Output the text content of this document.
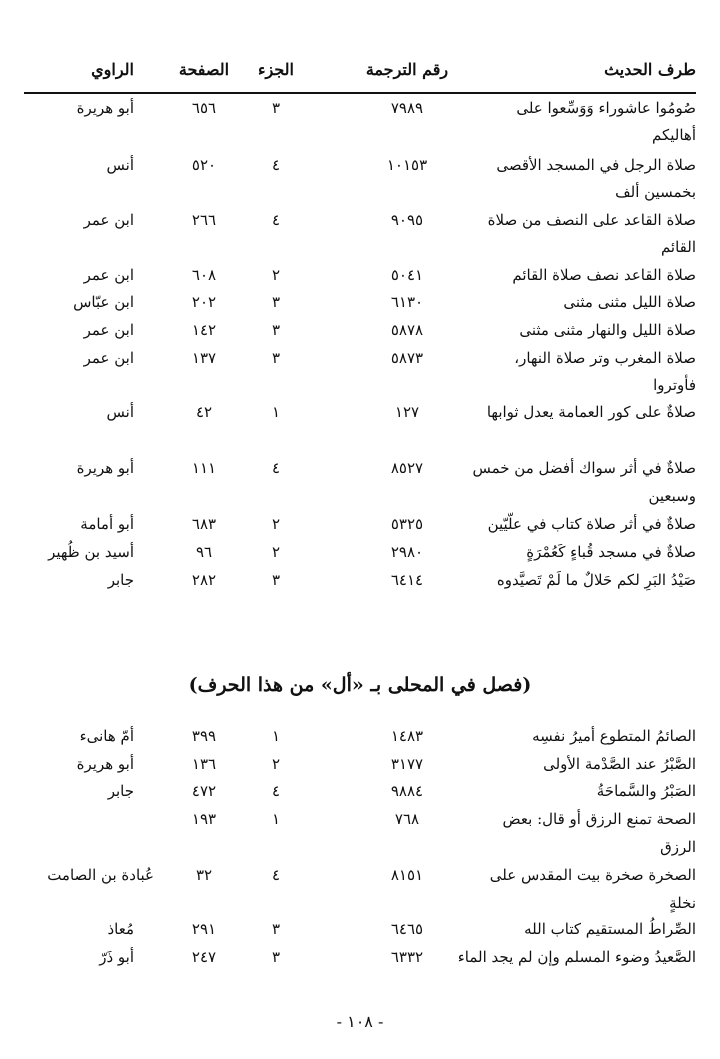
طرف الحديث
رقم الترجمة
الجزء
الصفحة
الراوي
صُومُوا عاشوراء وَوَسِّعوا على
أهاليكم
٧٩٨٩
٣
٦٥٦
أبو هريرة
صلاة الرجل في المسجد الأقصى
بخمسين ألف
١٠١٥٣
٤
٥٢٠
أنس
صلاة القاعد على النصف من صلاة
القائم
٩٠٩٥
٤
٢٦٦
ابن عمر
صلاة القاعد نصف صلاة القائم
٥٠٤١
٢
٦٠٨
ابن عمر
صلاة الليل مثنى مثنى
٦١٣٠
٣
٢٠٢
ابن عبّاس
صلاة الليل والنهار مثنى مثنى
٥٨٧٨
٣
١٤٢
ابن عمر
صلاة المغرب وتر صلاة النهار،
فأوتروا
٥٨٧٣
٣
١٣٧
ابن عمر
صلاةٌ على كور العمامة يعدل ثوابها
١٢٧
١
٤٢
أنس
صلاةٌ في أثر سواك أفضل من خمس
وسبعين
٨٥٢٧
٤
١١١
أبو هريرة
صلاةٌ في أثر صلاة كتاب في علّيّين
٥٣٢٥
٢
٦٨٣
أبو أمامة
صلاةٌ في مسجد قُباءٍ كَعُمْرَةٍ
٢٩٨٠
٢
٩٦
أسيد بن ظُهير
صَيْدُ البَرِ لكم حَلالٌ ما لَمْ تَصيَّدوه
٦٤١٤
٣
٢٨٢
جابر
(فصل في المحلى بـ «أل» من هذا الحرف)
الصائمُ المتطوع أميرُ نفسِه
١٤٨٣
١
٣٩٩
أمّ هانىء
الصَّبْرُ عند الصَّدْمة الأولى
٣١٧٧
٢
١٣٦
أبو هريرة
الصَبْرُ والسَّماحَةُ
٩٨٨٤
٤
٤٧٢
جابر
الصحة تمنع الرزق أو قال: بعض
الرزق
٧٦٨
١
١٩٣
الصخرة صخرة بيت المقدس على
نخلةٍ
٨١٥١
٤
٣٢
عُبادة بن الصامت
الصِّراطُ المستقيم كتاب الله
٦٤٦٥
٣
٢٩١
مُعاذ
الصَّعيدُ وضوء المسلم وإن لم يجد الماء
٦٣٣٢
٣
٢٤٧
أبو ذَرّ
- ١٠٨ -
